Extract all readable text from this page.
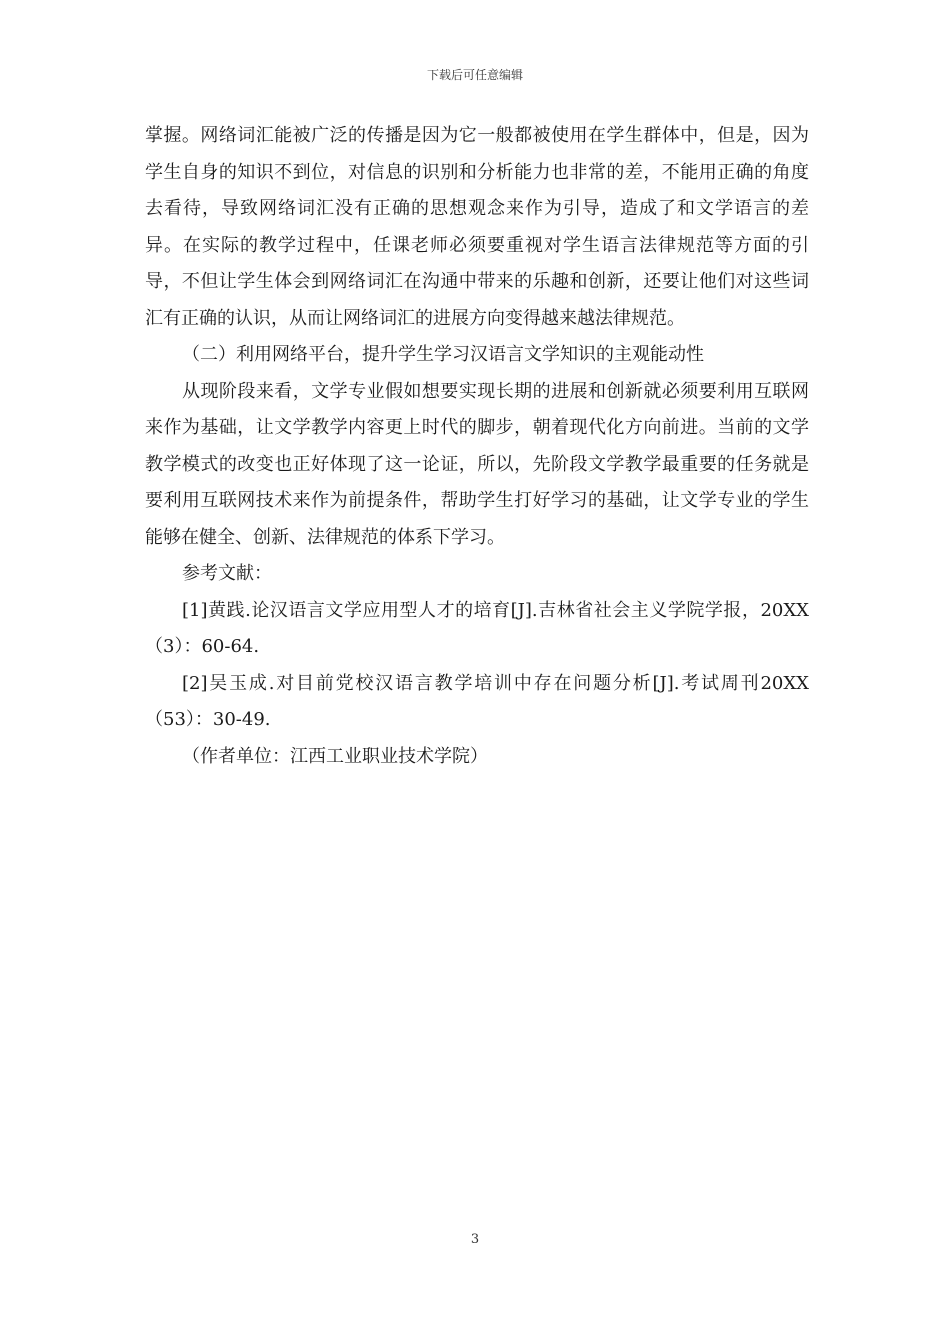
下载后可任意编辑

掌握。网络词汇能被广泛的传播是因为它一般都被使用在学生群体中，但是，因为学生自身的知识不到位，对信息的识别和分析能力也非常的差，不能用正确的角度去看待，导致网络词汇没有正确的思想观念来作为引导，造成了和文学语言的差异。在实际的教学过程中，任课老师必须要重视对学生语言法律规范等方面的引导，不但让学生体会到网络词汇在沟通中带来的乐趣和创新，还要让他们对这些词汇有正确的认识，从而让网络词汇的进展方向变得越来越法律规范。

（二）利用网络平台，提升学生学习汉语言文学知识的主观能动性

从现阶段来看，文学专业假如想要实现长期的进展和创新就必须要利用互联网来作为基础，让文学教学内容更上时代的脚步，朝着现代化方向前进。当前的文学教学模式的改变也正好体现了这一论证，所以，先阶段文学教学最重要的任务就是要利用互联网技术来作为前提条件，帮助学生打好学习的基础，让文学专业的学生能够在健全、创新、法律规范的体系下学习。

参考文献：

[1]黄践.论汉语言文学应用型人才的培育[J].吉林省社会主义学院学报，20XX（3）：60-64.

[2]吴玉成.对目前党校汉语言教学培训中存在问题分析[J].考试周刊20XX（53）：30-49.

（作者单位：江西工业职业技术学院）

3
